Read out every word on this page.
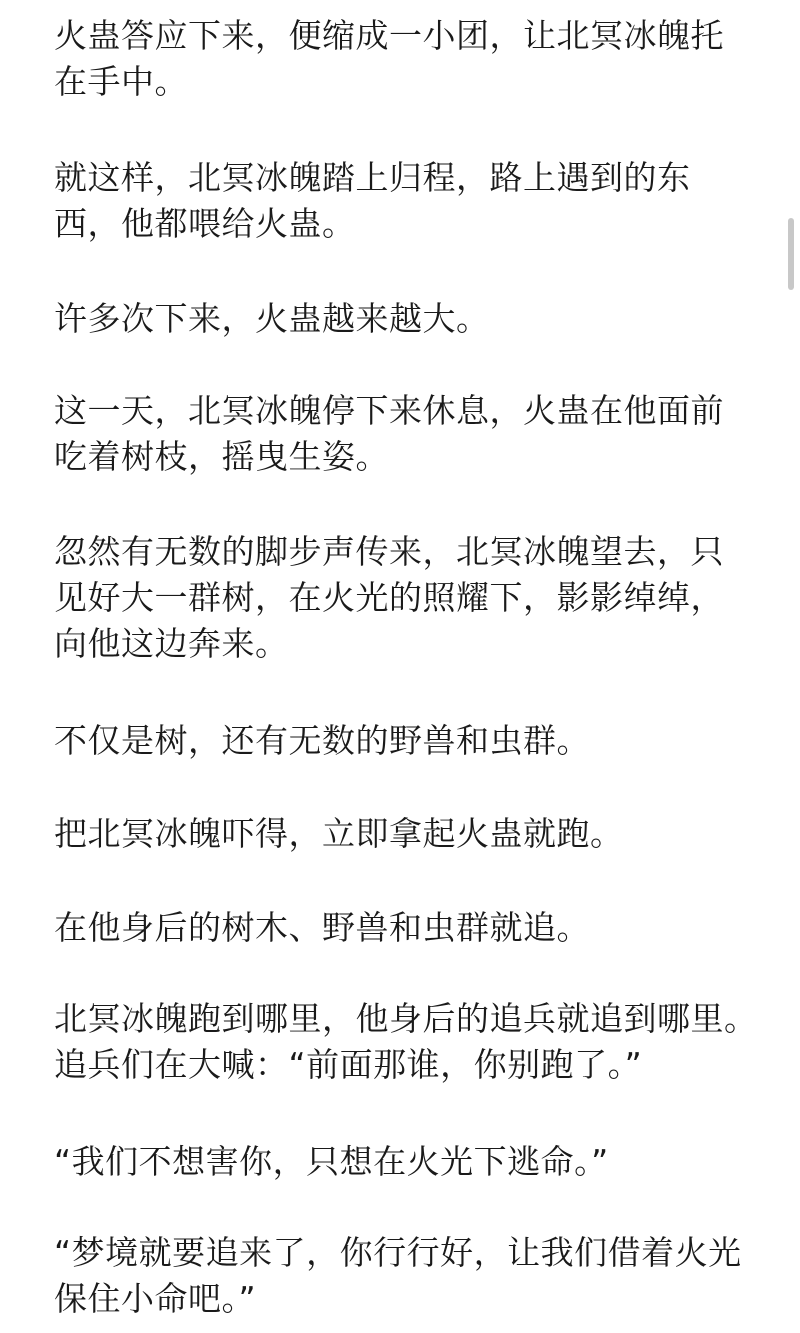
火蛊答应下来，便缩成一小团，让北冥冰魄托
在手中。
就这样，北冥冰魄踏上归程，路上遇到的东
西，他都喂给火蛊。
许多次下来，火蛊越来越大。
这一天，北冥冰魄停下来休息，火蛊在他面前
吃着树枝，摇曳生姿。
忽然有无数的脚步声传来，北冥冰魄望去，只
见好大一群树，在火光的照耀下，影影绰绰，
向他这边奔来。
不仅是树，还有无数的野兽和虫群。
把北冥冰魄吓得，立即拿起火蛊就跑。
在他身后的树木、野兽和虫群就追。
北冥冰魄跑到哪里，他身后的追兵就追到哪里。
追兵们在大喊：“前面那谁，你别跑了。”
“我们不想害你，只想在火光下逃命。”
“梦境就要追来了，你行行好，让我们借着火光
保住小命吧。”
